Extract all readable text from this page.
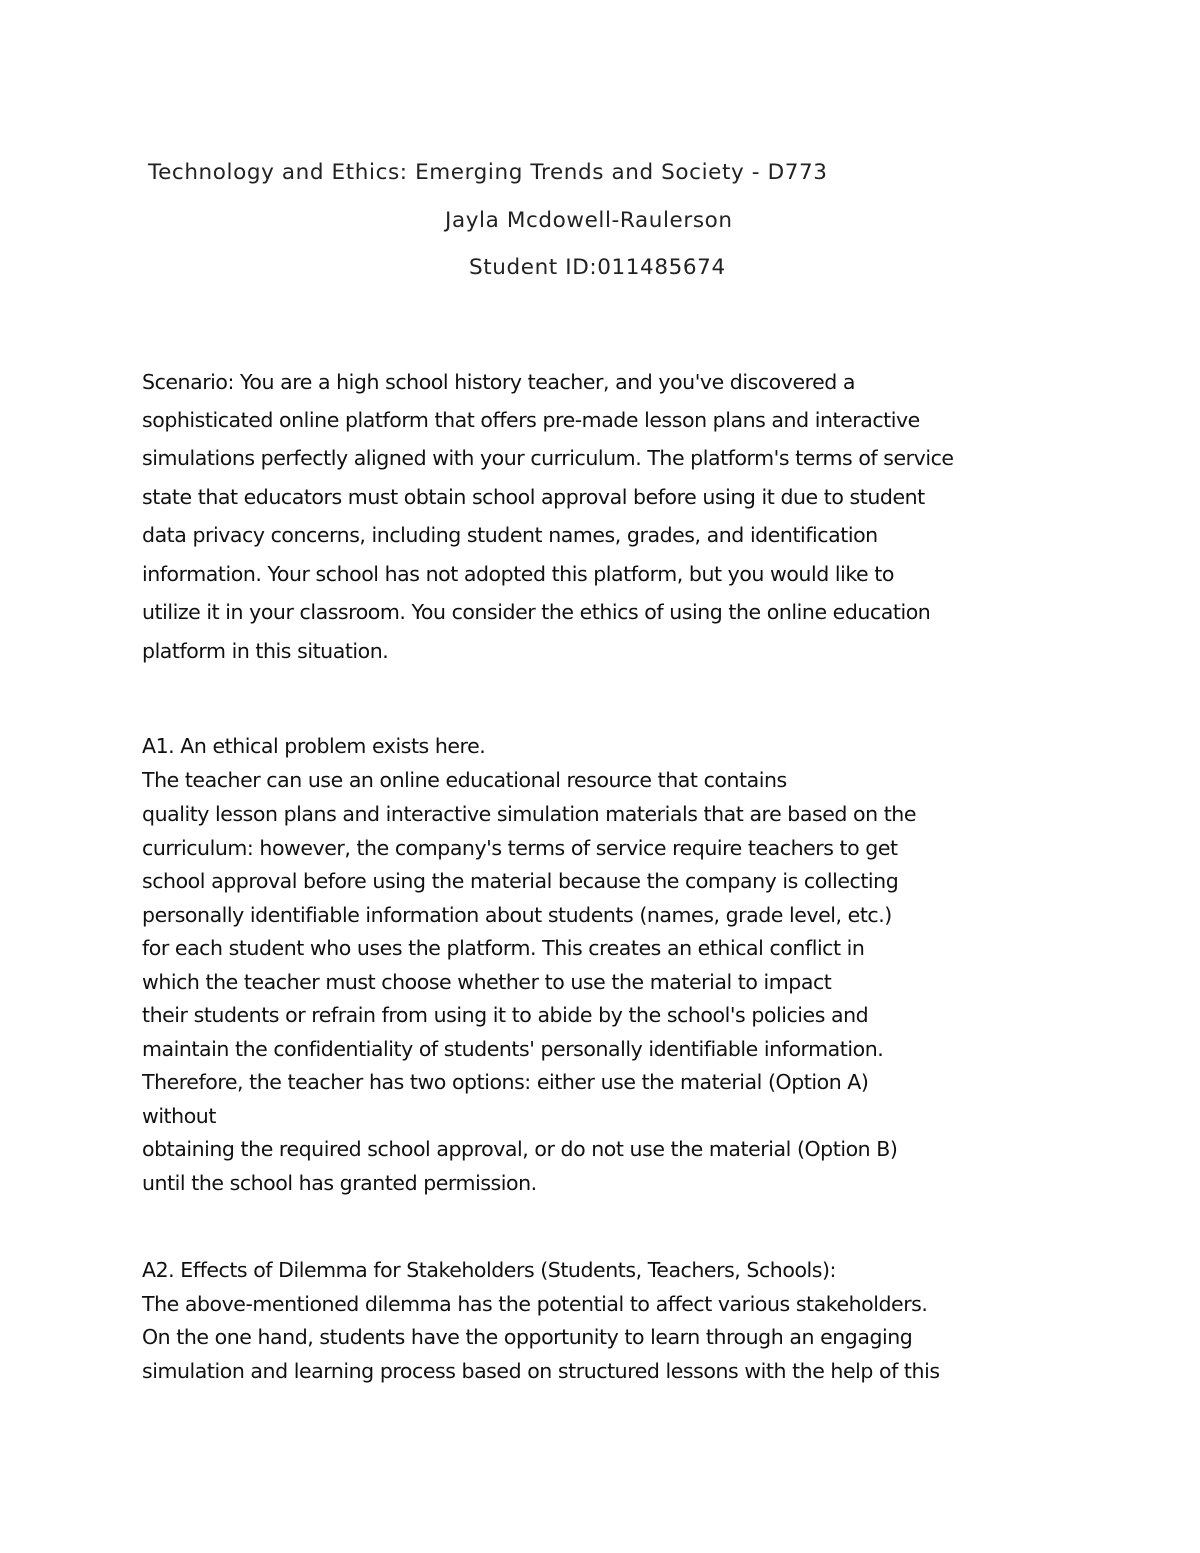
Technology and Ethics: Emerging Trends and Society - D773
Jayla Mcdowell-Raulerson
Student ID:011485674
Scenario: You are a high school history teacher, and you've discovered a
sophisticated online platform that offers pre-made lesson plans and interactive
simulations perfectly aligned with your curriculum. The platform's terms of service
state that educators must obtain school approval before using it due to student
data privacy concerns, including student names, grades, and identification
information. Your school has not adopted this platform, but you would like to
utilize it in your classroom. You consider the ethics of using the online education
platform in this situation.
A1. An ethical problem exists here.
The teacher can use an online educational resource that contains
quality lesson plans and interactive simulation materials that are based on the
curriculum: however, the company's terms of service require teachers to get
school approval before using the material because the company is collecting
personally identifiable information about students (names, grade level, etc.)
for each student who uses the platform. This creates an ethical conflict in
which the teacher must choose whether to use the material to impact
their students or refrain from using it to abide by the school's policies and
maintain the confidentiality of students' personally identifiable information.
Therefore, the teacher has two options: either use the material (Option A)
without
obtaining the required school approval, or do not use the material (Option B)
until the school has granted permission.
A2. Effects of Dilemma for Stakeholders (Students, Teachers, Schools):
The above-mentioned dilemma has the potential to affect various stakeholders.
On the one hand, students have the opportunity to learn through an engaging
simulation and learning process based on structured lessons with the help of this
